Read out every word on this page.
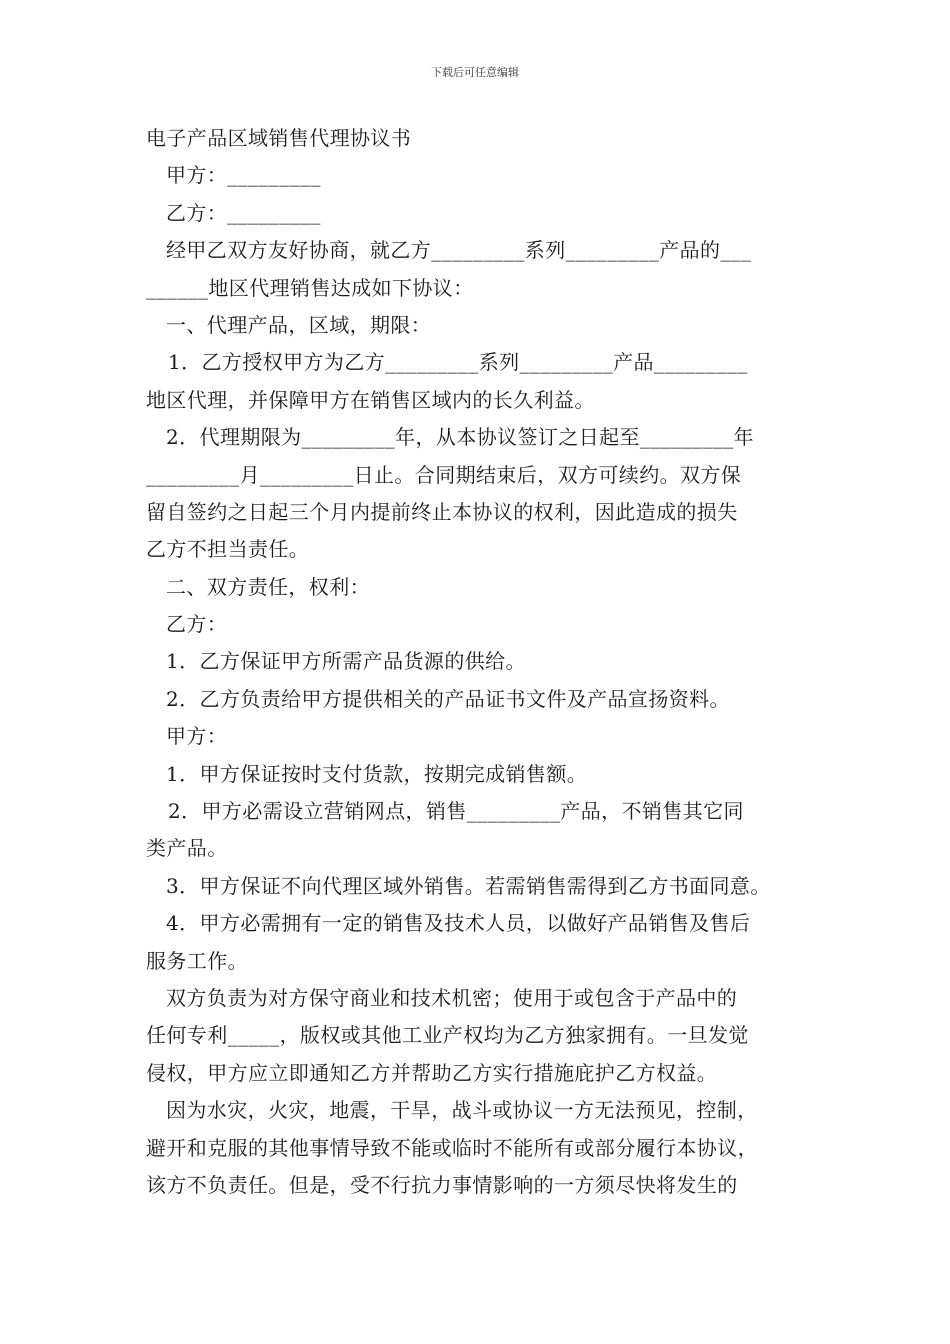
下载后可任意编辑
电子产品区域销售代理协议书
甲方：_________
乙方：_________
经甲乙双方友好协商，就乙方_________系列_________产品的___
______地区代理销售达成如下协议：
一、代理产品，区域，期限：
1．乙方授权甲方为乙方_________系列_________产品_________
地区代理，并保障甲方在销售区域内的长久利益。
2．代理期限为_________年，从本协议签订之日起至_________年
_________月_________日止。合同期结束后，双方可续约。双方保
留自签约之日起三个月内提前终止本协议的权利，因此造成的损失
乙方不担当责任。
二、双方责任，权利：
乙方：
1．乙方保证甲方所需产品货源的供给。
2．乙方负责给甲方提供相关的产品证书文件及产品宣扬资料。
甲方：
1．甲方保证按时支付货款，按期完成销售额。
2．甲方必需设立营销网点，销售_________产品，不销售其它同
类产品。
3．甲方保证不向代理区域外销售。若需销售需得到乙方书面同意。
4．甲方必需拥有一定的销售及技术人员，以做好产品销售及售后
服务工作。
双方负责为对方保守商业和技术机密；使用于或包含于产品中的
任何专利_____，版权或其他工业产权均为乙方独家拥有。一旦发觉
侵权，甲方应立即通知乙方并帮助乙方实行措施庇护乙方权益。
因为水灾，火灾，地震，干旱，战斗或协议一方无法预见，控制，
避开和克服的其他事情导致不能或临时不能所有或部分履行本协议，
该方不负责任。但是，受不行抗力事情影响的一方须尽快将发生的
